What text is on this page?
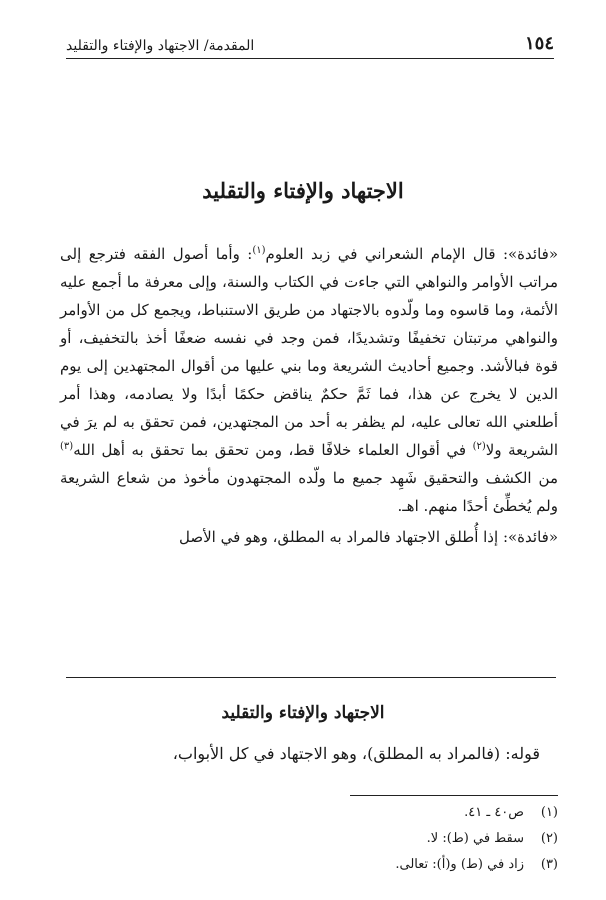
١٥٤
المقدمة/ الاجتهاد والإفتاء والتقليد
الاجتهاد والإفتاء والتقليد

«فائدة»: قال الإمام الشعراني في زبد العلوم$^{(١)}$: وأما أصول الفقه فترجع إلى مراتب الأوامر والنواهي التي جاءت في الكتاب والسنة، وإلى معرفة ما أجمع عليه الأئمة، وما قاسوه وما ولّدوه بالاجتهاد من طريق الاستنباط، ويجمع كل من الأوامر والنواهي مرتبتان تخفيفًا وتشديدًا، فمن وجد في نفسه ضعفًا أخذ بالتخفيف، أو قوة فبالأشد. وجميع أحاديث الشريعة وما بني عليها من أقوال المجتهدين إلى يوم الدين لا يخرج عن هذا، فما ثَمَّ حكمٌ يناقض حكمًا أبدًا ولا يصادمه، وهذا أمر أطلعني الله تعالى عليه، لم يظفر به أحد من المجتهدين، فمن تحقق به لم يرَ في الشريعة ولا$^{(٢)}$ في أقوال العلماء خلافًا قط، ومن تحقق بما تحقق به أهل الله$^{(٣)}$ من الكشف والتحقيق شَهِد جميع ما ولّده المجتهدون مأخوذ من شعاع الشريعة ولم يُخطِّئ أحدًا منهم. اهـ.

«فائدة»: إذا أُطلق الاجتهاد فالمراد به المطلق، وهو في الأصل

الاجتهاد والإفتاء والتقليد
قوله: (فالمراد به المطلق)، وهو الاجتهاد في كل الأبواب،
(١)
ص٤٠ ـ ٤١.
(٢)
سقط في (ط): لا.
(٣)
زاد في (ط) و(أ): تعالى.
